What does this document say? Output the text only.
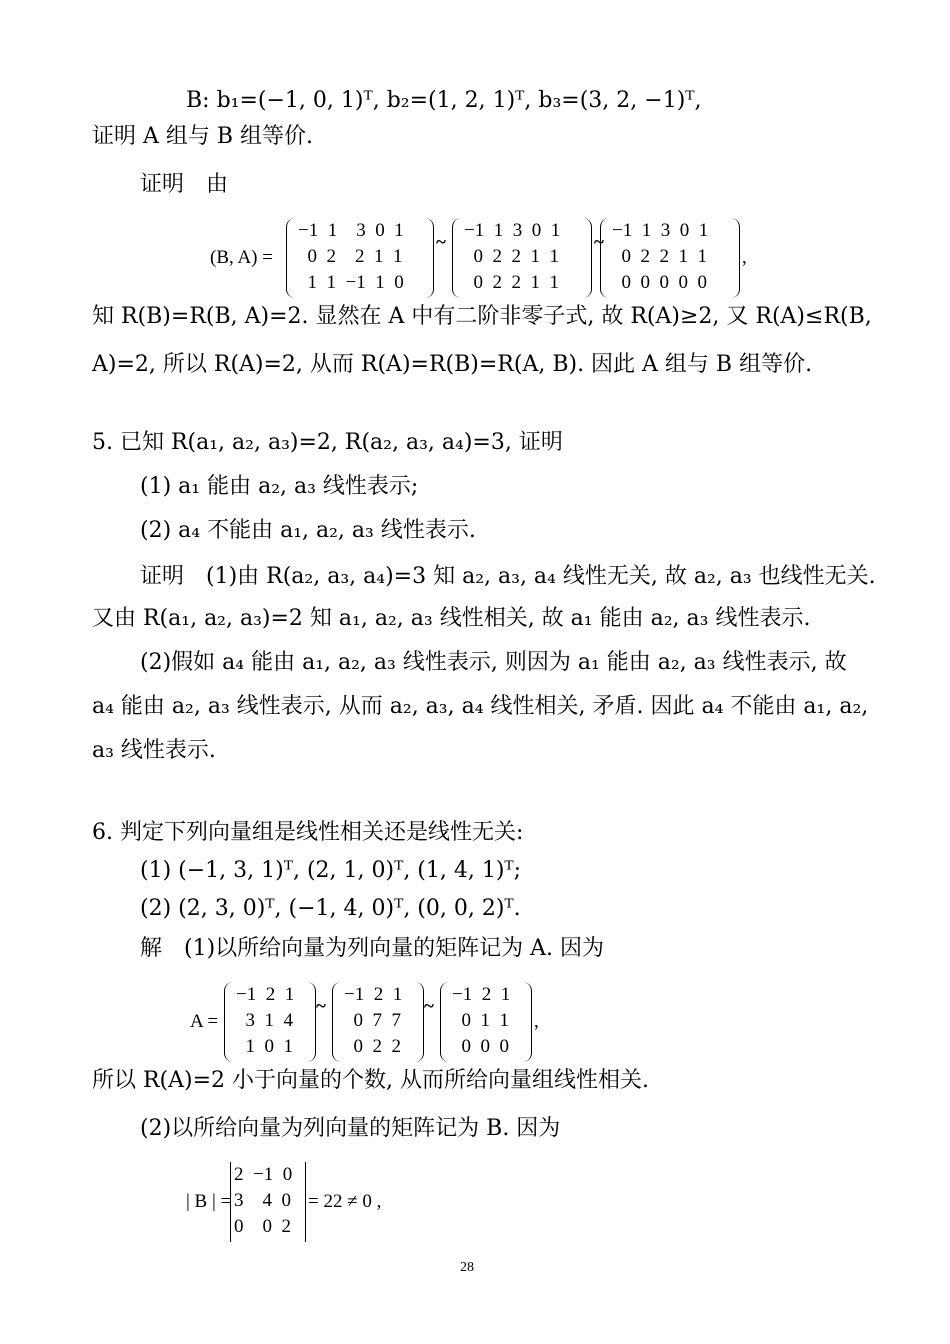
B: b₁=(−1, 0, 1)ᵀ, b₂=(1, 2, 1)ᵀ, b₃=(3, 2, −1)ᵀ,
证明 A 组与 B 组等价.
证明　由
(B, A) =
−1  1    3  0  1
0  2    2  1  1
1  1  −1  1  0
~
−1  1  3  0  1
0  2  2  1  1
0  2  2  1  1
~
−1  1  3  0  1
0  2  2  1  1
0  0  0  0  0
,
知 R(B)=R(B, A)=2. 显然在 A 中有二阶非零子式, 故 R(A)≥2, 又 R(A)≤R(B,
A)=2, 所以 R(A)=2, 从而 R(A)=R(B)=R(A, B). 因此 A 组与 B 组等价.
5. 已知 R(a₁, a₂, a₃)=2, R(a₂, a₃, a₄)=3, 证明
(1) a₁ 能由 a₂, a₃ 线性表示;
(2) a₄ 不能由 a₁, a₂, a₃ 线性表示.
证明　(1)由 R(a₂, a₃, a₄)=3 知 a₂, a₃, a₄ 线性无关, 故 a₂, a₃ 也线性无关.
又由 R(a₁, a₂, a₃)=2 知 a₁, a₂, a₃ 线性相关, 故 a₁ 能由 a₂, a₃ 线性表示.
(2)假如 a₄ 能由 a₁, a₂, a₃ 线性表示, 则因为 a₁ 能由 a₂, a₃ 线性表示, 故
a₄ 能由 a₂, a₃ 线性表示, 从而 a₂, a₃, a₄ 线性相关, 矛盾. 因此 a₄ 不能由 a₁, a₂,
a₃ 线性表示.
6. 判定下列向量组是线性相关还是线性无关:
(1) (−1, 3, 1)ᵀ, (2, 1, 0)ᵀ, (1, 4, 1)ᵀ;
(2) (2, 3, 0)ᵀ, (−1, 4, 0)ᵀ, (0, 0, 2)ᵀ.
解　(1)以所给向量为列向量的矩阵记为 A. 因为
A =
−1  2  1
3  1  4
1  0  1
~
−1  2  1
0  7  7
0  2  2
~
−1  2  1
0  1  1
0  0  0
,
所以 R(A)=2 小于向量的个数, 从而所给向量组线性相关.
(2)以所给向量为列向量的矩阵记为 B. 因为
| B | =
2  −1  0
3    4  0
0    0  2
= 22 ≠ 0 ,
28
